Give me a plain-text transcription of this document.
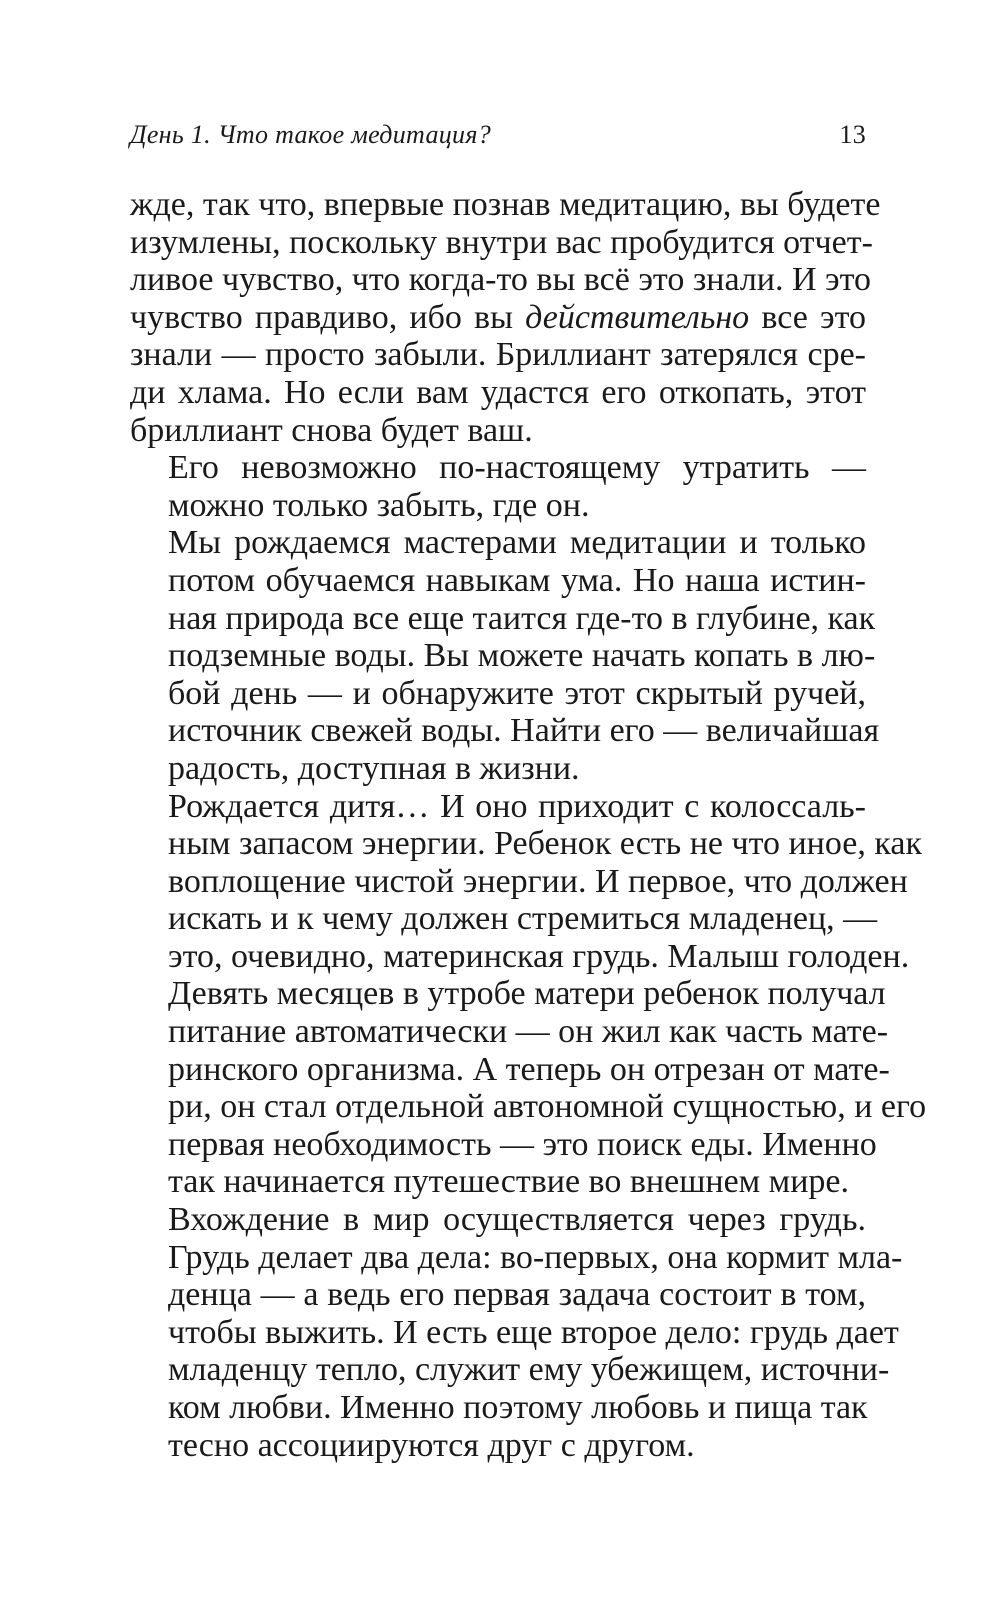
День 1. Что такое медитация?	13

жде, так что, впервые познав медитацию, вы будете
изумлены, поскольку внутри вас пробудится отчет-
ливое чувство, что когда-то вы всё это знали. И это
чувство правдиво, ибо вы действительно все это
знали — просто забыли. Бриллиант затерялся сре-
ди хлама. Но если вам удастся его откопать, этот
бриллиант снова будет ваш.

Его невозможно по-настоящему утратить —
можно только забыть, где он.

Мы рождаемся мастерами медитации и только
потом обучаемся навыкам ума. Но наша истин-
ная природа все еще таится где-то в глубине, как
подземные воды. Вы можете начать копать в лю-
бой день — и обнаружите этот скрытый ручей,
источник свежей воды. Найти его — величайшая
радость, доступная в жизни.

Рождается дитя… И оно приходит с колоссаль-
ным запасом энергии. Ребенок есть не что иное, как
воплощение чистой энергии. И первое, что должен
искать и к чему должен стремиться младенец, —
это, очевидно, материнская грудь. Малыш голоден.
Девять месяцев в утробе матери ребенок получал
питание автоматически — он жил как часть мате-
ринского организма. А теперь он отрезан от мате-
ри, он стал отдельной автономной сущностью, и его
первая необходимость — это поиск еды. Именно
так начинается путешествие во внешнем мире.

Вхождение в мир осуществляется через грудь.
Грудь делает два дела: во-первых, она кормит мла-
денца — а ведь его первая задача состоит в том,
чтобы выжить. И есть еще второе дело: грудь дает
младенцу тепло, служит ему убежищем, источни-
ком любви. Именно поэтому любовь и пища так
тесно ассоциируются друг с другом.
